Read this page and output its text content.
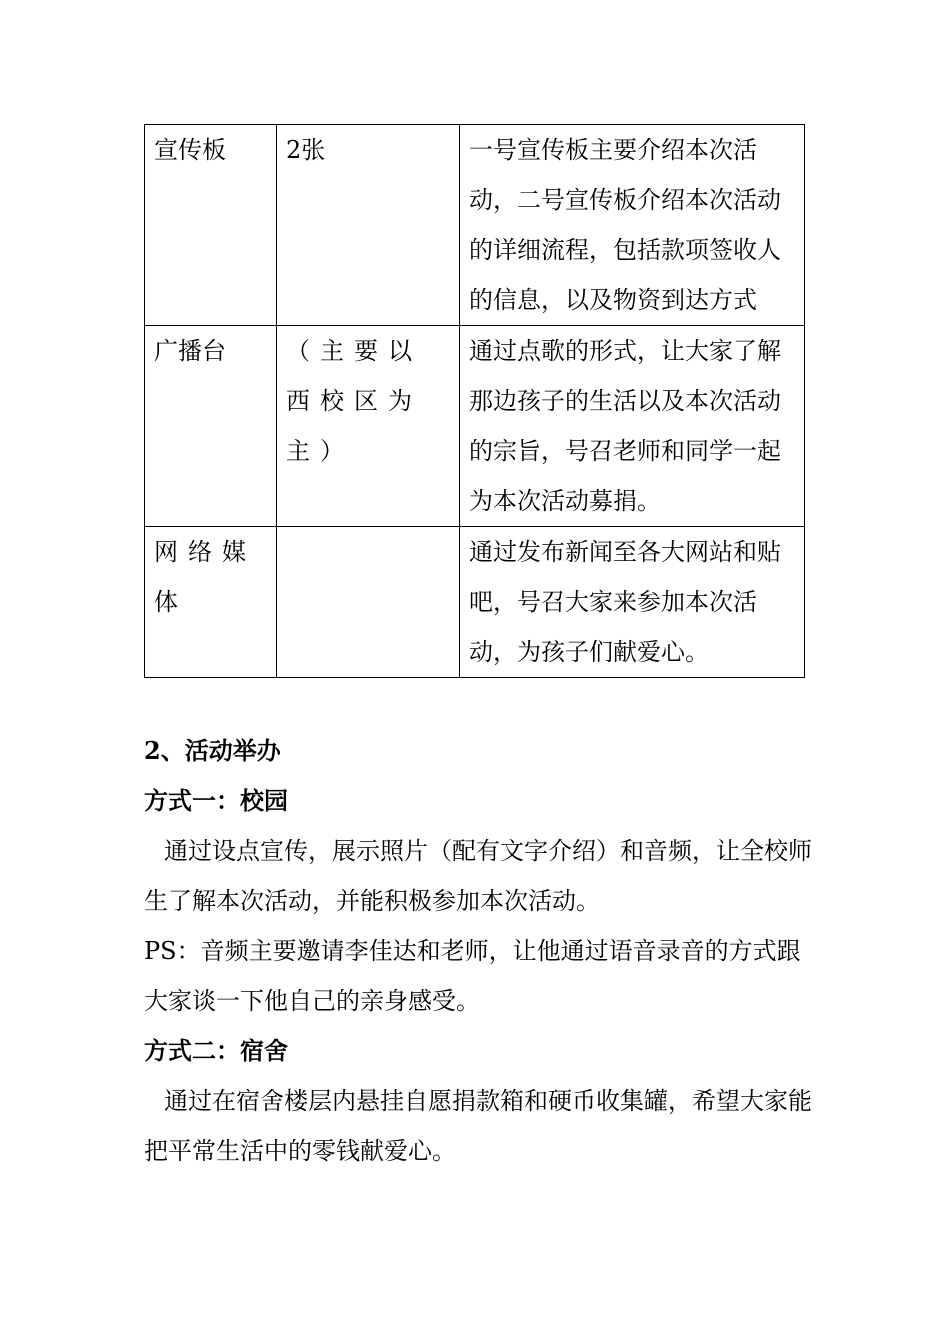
宣传板	2张	一号宣传板主要介绍本次活动，二号宣传板介绍本次活动的详细流程，包括款项签收人的信息，以及物资到达方式
广播台	（主要以西校区为主）	通过点歌的形式，让大家了解那边孩子的生活以及本次活动的宗旨，号召老师和同学一起为本次活动募捐。
网络媒体		通过发布新闻至各大网站和贴吧，号召大家来参加本次活动，为孩子们献爱心。
2、活动举办
方式一：校园
通过设点宣传，展示照片（配有文字介绍）和音频，让全校师生了解本次活动，并能积极参加本次活动。
PS：音频主要邀请李佳达和老师，让他通过语音录音的方式跟大家谈一下他自己的亲身感受。
方式二：宿舍
通过在宿舍楼层内悬挂自愿捐款箱和硬币收集罐，希望大家能把平常生活中的零钱献爱心。
